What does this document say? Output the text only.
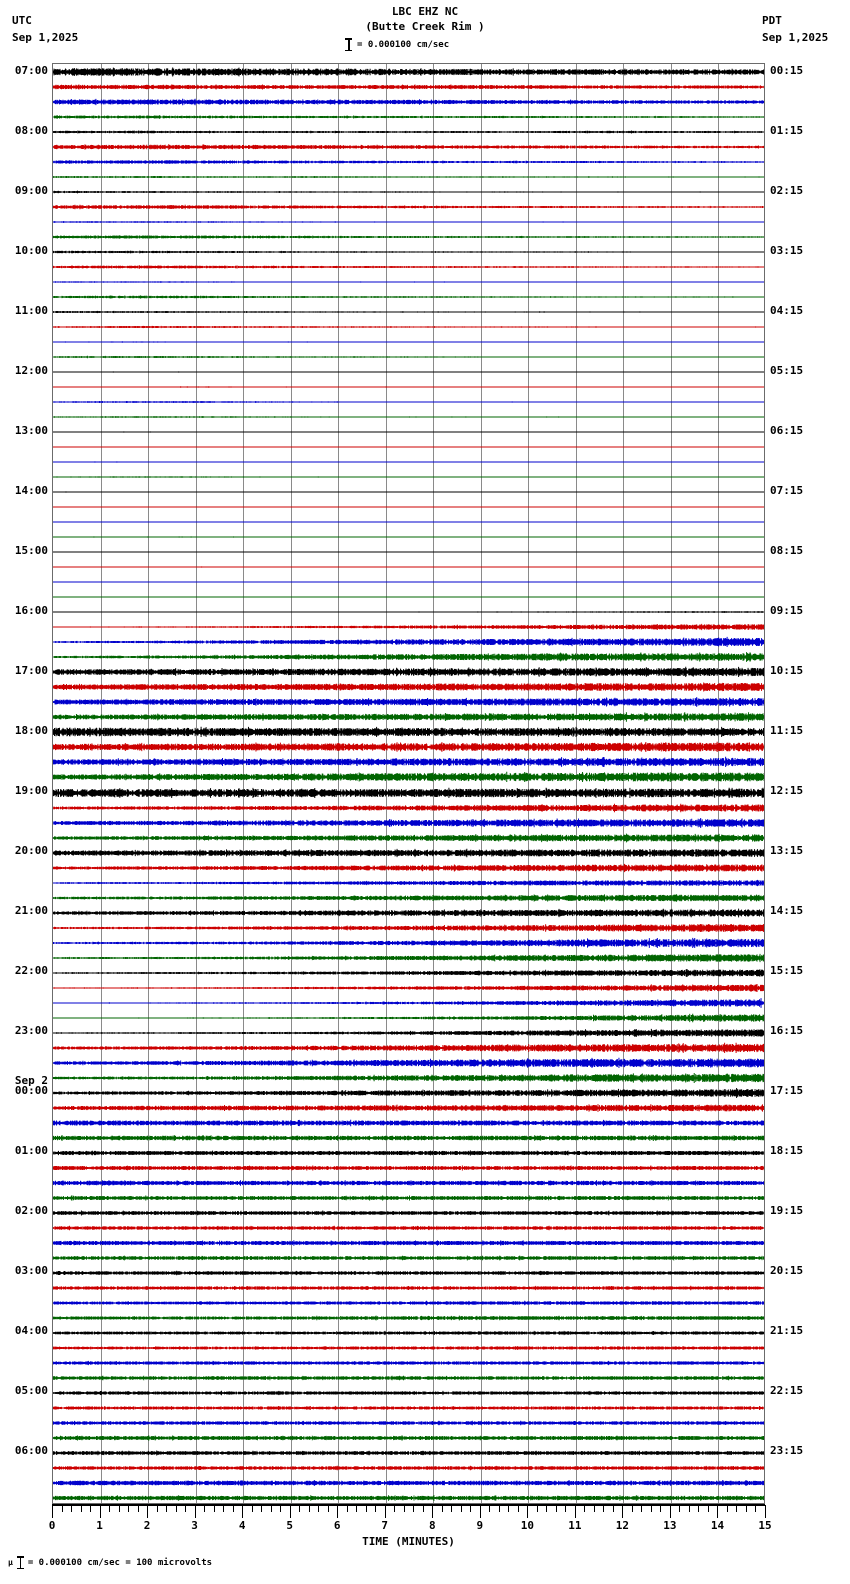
UTC
Sep 1,2025
LBC EHZ NC
(Butte Creek Rim )
= 0.000100 cm/sec
PDT
Sep 1,2025
07:00
08:00
09:00
10:00
11:00
12:00
13:00
14:00
15:00
16:00
17:00
18:00
19:00
20:00
21:00
22:00
23:00
Sep 2
00:00
01:00
02:00
03:00
04:00
05:00
06:00
00:15
01:15
02:15
03:15
04:15
05:15
06:15
07:15
08:15
09:15
10:15
11:15
12:15
13:15
14:15
15:15
16:15
17:15
18:15
19:15
20:15
21:15
22:15
23:15
0	1	2	3	4	5	6	7	8	9	10	11	12	13	14	15
TIME (MINUTES)
μ = 0.000100 cm/sec = 100 microvolts
